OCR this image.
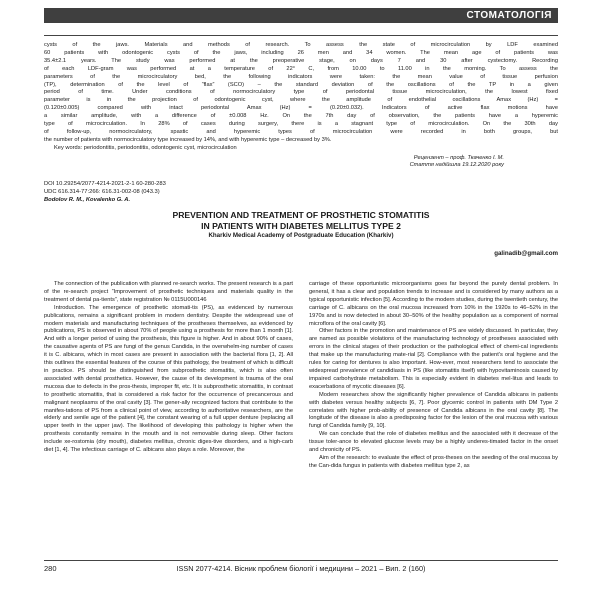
СТОМАТОЛОГІЯ

cysts of the jaws. Materials and methods of research. To assess the state of microcirculation by LDF examined

60 patients with odontogenic cysts of the jaws, including 26 men and 34 women. The mean age of patients was

35.4±2.1 years. The study was performed at the preoperative stage, on days 7 and 30 after cystectomy. Recording

of each LDF-gram was performed at a temperature of 22° C, from 10.00 to 11.00 in the morning. To assess the

parameters of the microcirculatory bed, the following indicators were taken: the mean value of tissue perfusion

(TP), determination of the level of “flax” (SCO) – the standard deviation of the oscillations of the TP in a given

period of time. Under conditions of normocirculatory type of periodontal tissue microcirculation, the lowest fixed

parameter is in the projection of odontogenic cyst, where the amplitude of endothelial oscillations Amax (Hz) =

(0.120±0.005) compared with intact periodontal Amax (Hz) = (0.20±0.032). Indicators of active flax motions have

a similar amplitude, with a difference of ±0.008 Hz. On the 7th day of observation, the patients have a hyperemic

type of microcirculation. In 28% of cases during surgery, there is a stagnant type of microcirculation. On the 30th day

of follow-up, normocirculatory, spastic and hyperemic types of microcirculation were recorded in both groups, but

the number of patients with normocirculatory type increased by 14%, and with hyperemic type – decreased by 3%.

Key words: periodontitis, periodontitis, odontogenic cyst, microcirculation

Рецензент – проф. Ткаченко І. М.
Стаття надійшла 19.12.2020 року
DOI 10.29254/2077-4214-2021-2-1 60-280-283
UDC 616.314-77:266: 616.31-002-08 (043.3)
Bodolov R. M., Kovalenko G. A.
PREVENTION AND TREATMENT OF PROSTHETIC STOMATITIS
IN PATIENTS WITH DIABETES MELLITUS TYPE 2
Kharkiv Medical Academy of Postgraduate Education (Kharkiv)
galinadib@gmail.com

The connection of the publication with planned re-search works. The present research is a part of the re-search project “Improvement of prosthetic techniques and materials quality in the treatment of dental pa-tients”, state registration № 0115U000146

Introduction. The emergence of prosthetic stomati-tis (PS), as evidenced by numerous publications, remains a significant problem in modern dentistry. Despite the widespread use of modern materials and manufacturing techniques of the prostheses themselves, as evidenced by publications, PS is observed in about 70% of people using a prosthesis for more than 1 month [1]. And with a longer period of using the prosthesis, this figure is higher. And in about 90% of cases, the causative agents of PS are fungi of the genus Candida, in the overwhelm-ing number of cases it is C. albicans, which in most cases are present in association with the bacterial flora [1, 2]. All this outlines the essential features of the course of this pathology, the treatment of which is difficult in practice. PS should be distinguished from subprosthetic stomatitis, which is also often associated with dental prosthetics. However, the cause of its development is trauma of the oral mucosa due to defects in the pros-thesis, improper fit, etc. It is subprosthetic stomatitis, in contrast to prosthetic stomatitis, that is considered a risk factor for the occurrence of precancerous and malignant neoplasms of the oral cavity [3]. The gener-ally recognized factors that contribute to the manifes-tations of PS from a clinical point of view, according to authoritative researchers, are the elderly and senile age of the patient [4], the constant wearing of a full upper denture (replacing all upper teeth in the upper jaw). The likelihood of developing this pathology is higher when the prosthesis constantly remains in the mouth and is not removable during sleep. Other factors include xe-rostomia (dry mouth), diabetes mellitus, chronic diges-tive disorders, and a high-carb diet [1, 4]. The infectious carriage of C. albicans also plays a role. Moreover, the

carriage of these opportunistic microorganisms goes far beyond the purely dental problem. In general, it has a clear and population trends to increase and is considered by many authors as a typical opportunistic infection [5]. According to the modern studies, during the twentieth century, the carriage of C. albicans on the oral mucosa increased from 10% in the 1920s to 46–52% in the 1970s and is now detected in about 30–50% of the healthy population as a component of normal microflora of the oral cavity [6].

Other factors in the promotion and maintenance of PS are widely discussed. In particular, they are named as possible violations of the manufacturing technology of prostheses associated with errors in the clinical stages of their production or the pathological effect of chemi-cal ingredients that make up the manufacturing mate-rial [2]. Compliance with the patient’s oral hygiene and the rules for caring for dentures is also important. How-ever, most researchers tend to associate the widespread prevalence of candidiasis in PS (like stomatitis itself) with hypovitaminosis caused by impaired carbohydrate metabolism. This is especially evident in diabetes mel-litus and leads to exacerbations of mycotic diseases [6].

Modern researches show the significantly higher prevalence of Candida albicans in patients with diabetes versus healthy subjects [6, 7]. Poor glycemic control in patients with DM Type 2 correlates with higher prob-ability of presence of Candida albicans in the oral cavity [8]. The longitude of the disease is also a predisposing factor for the lesion of the oral mucosa with various fungi of Candida family [9, 10].

We can conclude that the role of diabetes mellitus and the associated with it decrease of the tissue toler-ance to elevated glucose levels may be a highly underes-timated factor in the onset and chronicity of PS.

Aim of the research: to evaluate the effect of pros-theses on the seeding of the oral mucosa by the Can-dida fungus in patients with diabetes mellitus type 2, as

280	ISSN 2077-4214. Вісник проблем біології і медицини – 2021 – Вип. 2 (160)
